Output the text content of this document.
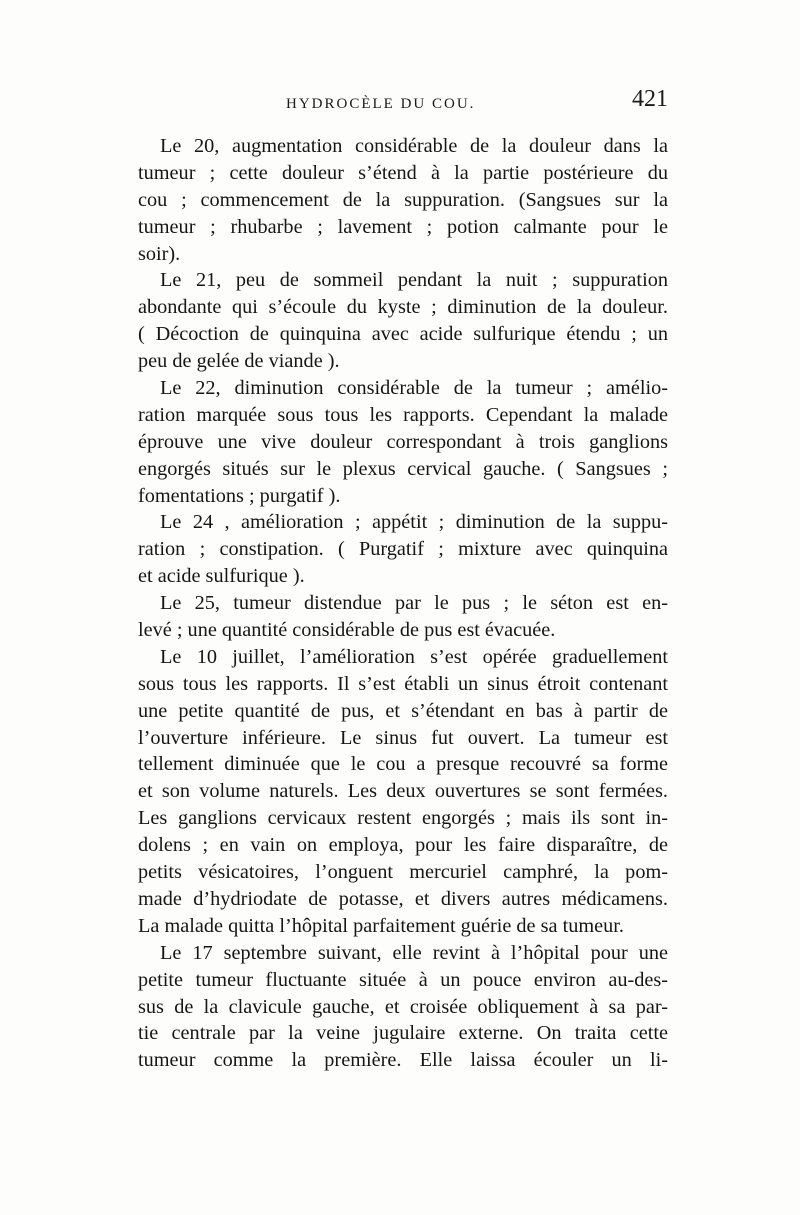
HYDROCÈLE DU COU.	421
Le 20, augmentation considérable de la douleur dans la
tumeur ; cette douleur s’étend à la partie postérieure du
cou ; commencement de la suppuration. (Sangsues sur la
tumeur ; rhubarbe ; lavement ; potion calmante pour le
soir).
Le 21, peu de sommeil pendant la nuit ; suppuration
abondante qui s’écoule du kyste ; diminution de la douleur.
( Décoction de quinquina avec acide sulfurique étendu ; un
peu de gelée de viande ).
Le 22, diminution considérable de la tumeur ; amélio-
ration marquée sous tous les rapports. Cependant la malade
éprouve une vive douleur correspondant à trois ganglions
engorgés situés sur le plexus cervical gauche. ( Sangsues ;
fomentations ; purgatif ).
Le 24 , amélioration ; appétit ; diminution de la suppu-
ration ; constipation. ( Purgatif ; mixture avec quinquina
et acide sulfurique ).
Le 25, tumeur distendue par le pus ; le séton est en-
levé ; une quantité considérable de pus est évacuée.
Le 10 juillet, l’amélioration s’est opérée graduellement
sous tous les rapports. Il s’est établi un sinus étroit contenant
une petite quantité de pus, et s’étendant en bas à partir de
l’ouverture inférieure. Le sinus fut ouvert. La tumeur est
tellement diminuée que le cou a presque recouvré sa forme
et son volume naturels. Les deux ouvertures se sont fermées.
Les ganglions cervicaux restent engorgés ; mais ils sont in-
dolens ; en vain on employa, pour les faire disparaître, de
petits vésicatoires, l’onguent mercuriel camphré, la pom-
made d’hydriodate de potasse, et divers autres médicamens.
La malade quitta l’hôpital parfaitement guérie de sa tumeur.
Le 17 septembre suivant, elle revint à l’hôpital pour une
petite tumeur fluctuante située à un pouce environ au-des-
sus de la clavicule gauche, et croisée obliquement à sa par-
tie centrale par la veine jugulaire externe. On traita cette
tumeur comme la première. Elle laissa écouler un li-
